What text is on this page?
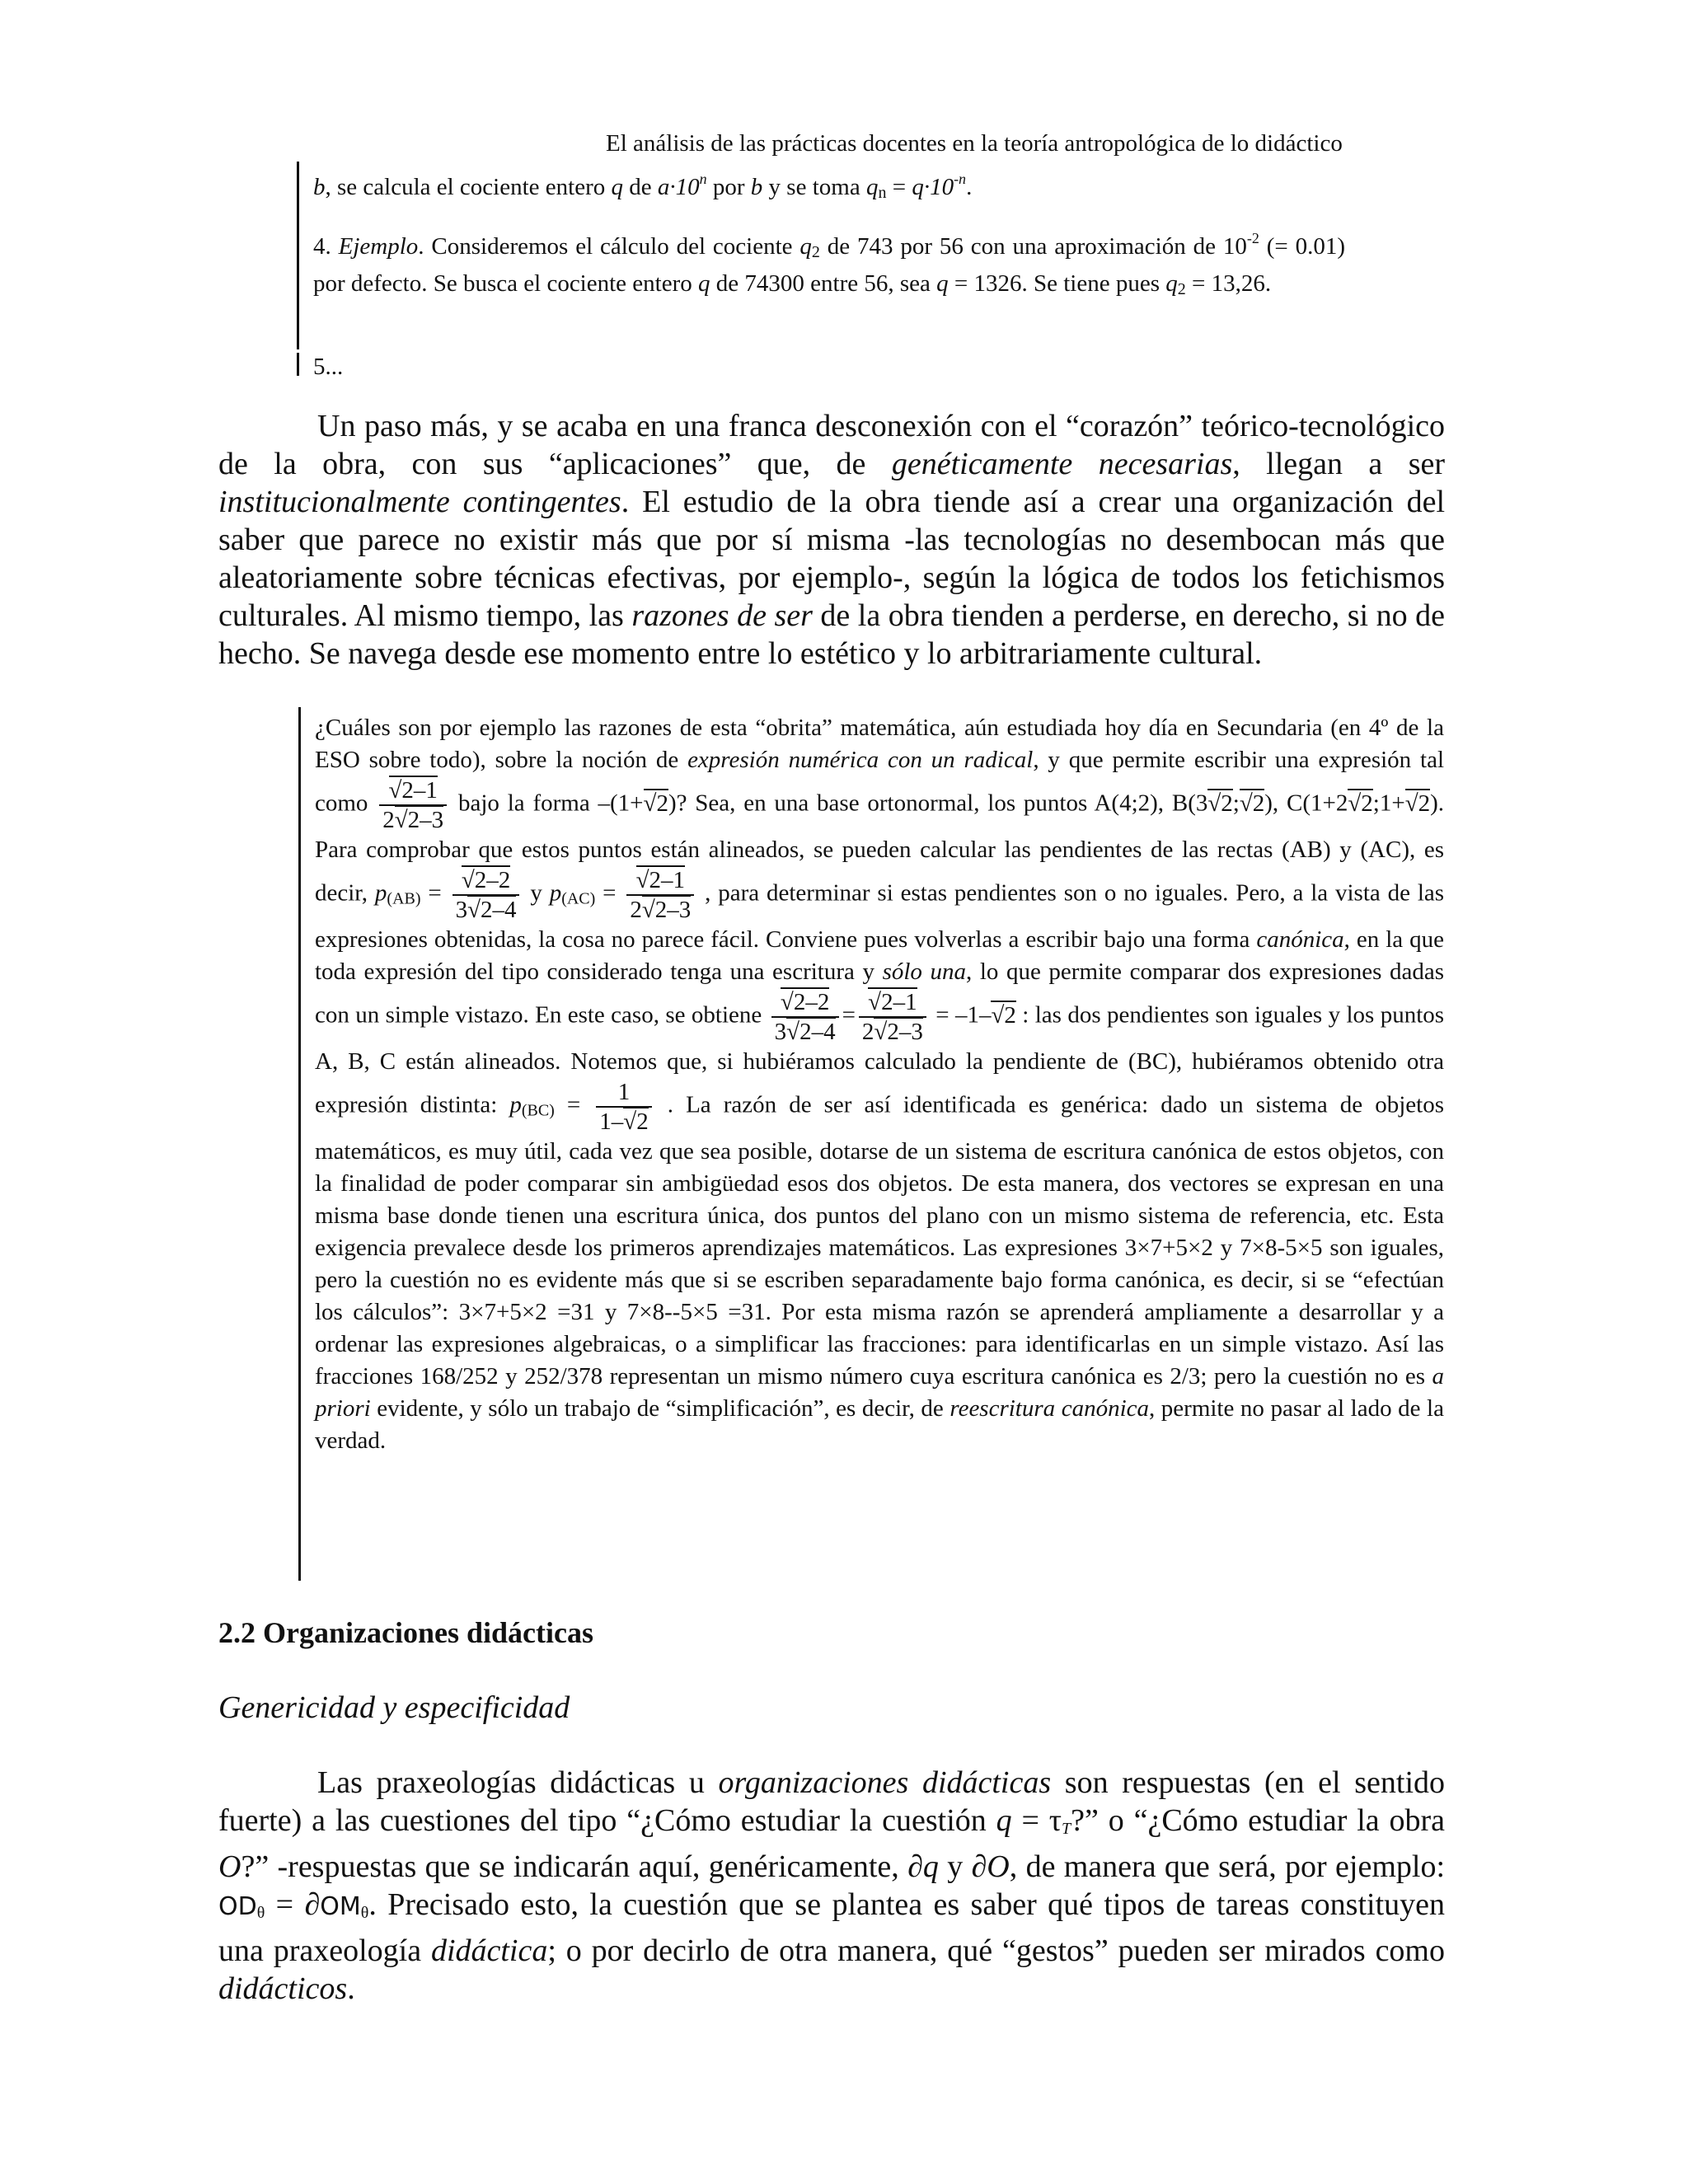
El análisis de las prácticas docentes en la teoría antropológica de lo didáctico
b, se calcula el cociente entero q de $a\cdot 10^n$ por b y se toma $q_n = q\cdot 10^{-n}$.
4. Ejemplo. Consideremos el cálculo del cociente $q_2$ de 743 por 56 con una aproximación de $10^{-2}$ (= 0.01) por defecto. Se busca el cociente entero q de 74300 entre 56, sea q = 1326. Se tiene pues $q_2 = 13,26$.
5...
Un paso más, y se acaba en una franca desconexión con el “corazón” teórico-tecnológico de la obra, con sus “aplicaciones” que, de genéticamente necesarias, llegan a ser institucionalmente contingentes. El estudio de la obra tiende así a crear una organización del saber que parece no existir más que por sí misma -las tecnologías no desembocan más que aleatoriamente sobre técnicas efectivas, por ejemplo-, según la lógica de todos los fetichismos culturales. Al mismo tiempo, las razones de ser de la obra tienden a perderse, en derecho, si no de hecho. Se navega desde ese momento entre lo estético y lo arbitrariamente cultural.
¿Cuáles son por ejemplo las razones de esta “obrita” matemática, aún estudiada hoy día en Secundaria (en 4º de la ESO sobre todo), sobre la noción de expresión numérica con un radical, y que permite escribir una expresión tal como
√ $\frac{2-1}{2√ 2-3}$ bajo la forma –(1+√ 2)? Sea, en una base ortonormal, los puntos A(4;2), B(3√ 2;√ 2), C(1+2√ 2;1+√ 2). Para comprobar que estos puntos están alineados, se pueden calcular las pendientes de las rectas (AB) y (AC), es decir, $p_{(AB)}$ =
√ $\frac{2-2}{3√ 2-4}$ y $p_{(AC)}$ =
√ $\frac{2-1}{2√ 2-3}$ , para determinar si estas pendientes son o no iguales. Pero, a la vista de las expresiones obtenidas, la cosa no parece fácil. Conviene pues volverlas a escribir bajo una forma canónica, en la que toda expresión del tipo considerado tenga una escritura y sólo una, lo que permite comparar dos expresiones dadas con un simple vistazo. En este caso, se obtiene
√ $\frac{2-2}{3√ 2-4}$ =
√ $\frac{2-1}{2√ 2-3} = -1-√$ 2 : las dos pendientes son iguales y los puntos A, B, C están alineados. Notemos que, si hubiéramos calculado la pendiente de (BC), hubiéramos obtenido otra expresión distinta: $p_{(BC)} = \frac{1}{1-√ 2}$ . La razón de ser así identificada es genérica: dado un sistema de objetos matemáticos, es muy útil, cada vez que sea posible, dotarse de un sistema de escritura canónica de estos objetos, con la finalidad de poder comparar sin ambigüedad esos dos objetos. De esta manera, dos vectores se expresan en una misma base donde tienen una escritura única, dos puntos del plano con un mismo sistema de referencia, etc. Esta exigencia prevalece desde los primeros aprendizajes matemáticos. Las expresiones 3×7+5×2 y 7×8-5×5 son iguales, pero la cuestión no es evidente más que si se escriben separadamente bajo forma canónica, es decir, si se “efectúan los cálculos”: 3×7+5×2 =31 y 7×8--5×5 =31. Por esta misma razón se aprenderá ampliamente a desarrollar y a ordenar las expresiones algebraicas, o a simplificar las fracciones: para identificarlas en un simple vistazo. Así las fracciones 168/252 y 252/378 representan un mismo número cuya escritura canónica es 2/3; pero la cuestión no es a priori evidente, y sólo un trabajo de “simplificación”, es decir, de reescritura canónica, permite no pasar al lado de la verdad.
2.2 Organizaciones didácticas
Genericidad y especificidad
Las praxeologías didácticas u organizaciones didácticas son respuestas (en el sentido fuerte) a las cuestiones del tipo “¿Cómo estudiar la cuestión $q = \tau_T$?” o “¿Cómo estudiar la obra O?” -respuestas que se indicarán aquí, genéricamente, ∂q y ∂O, de manera que será, por ejemplo: $OD_\theta = \partial OM_\theta$. Precisado esto, la cuestión que se plantea es saber qué tipos de tareas constituyen una praxeología didáctica; o por decirlo de otra manera, qué “gestos” pueden ser mirados como didácticos.
